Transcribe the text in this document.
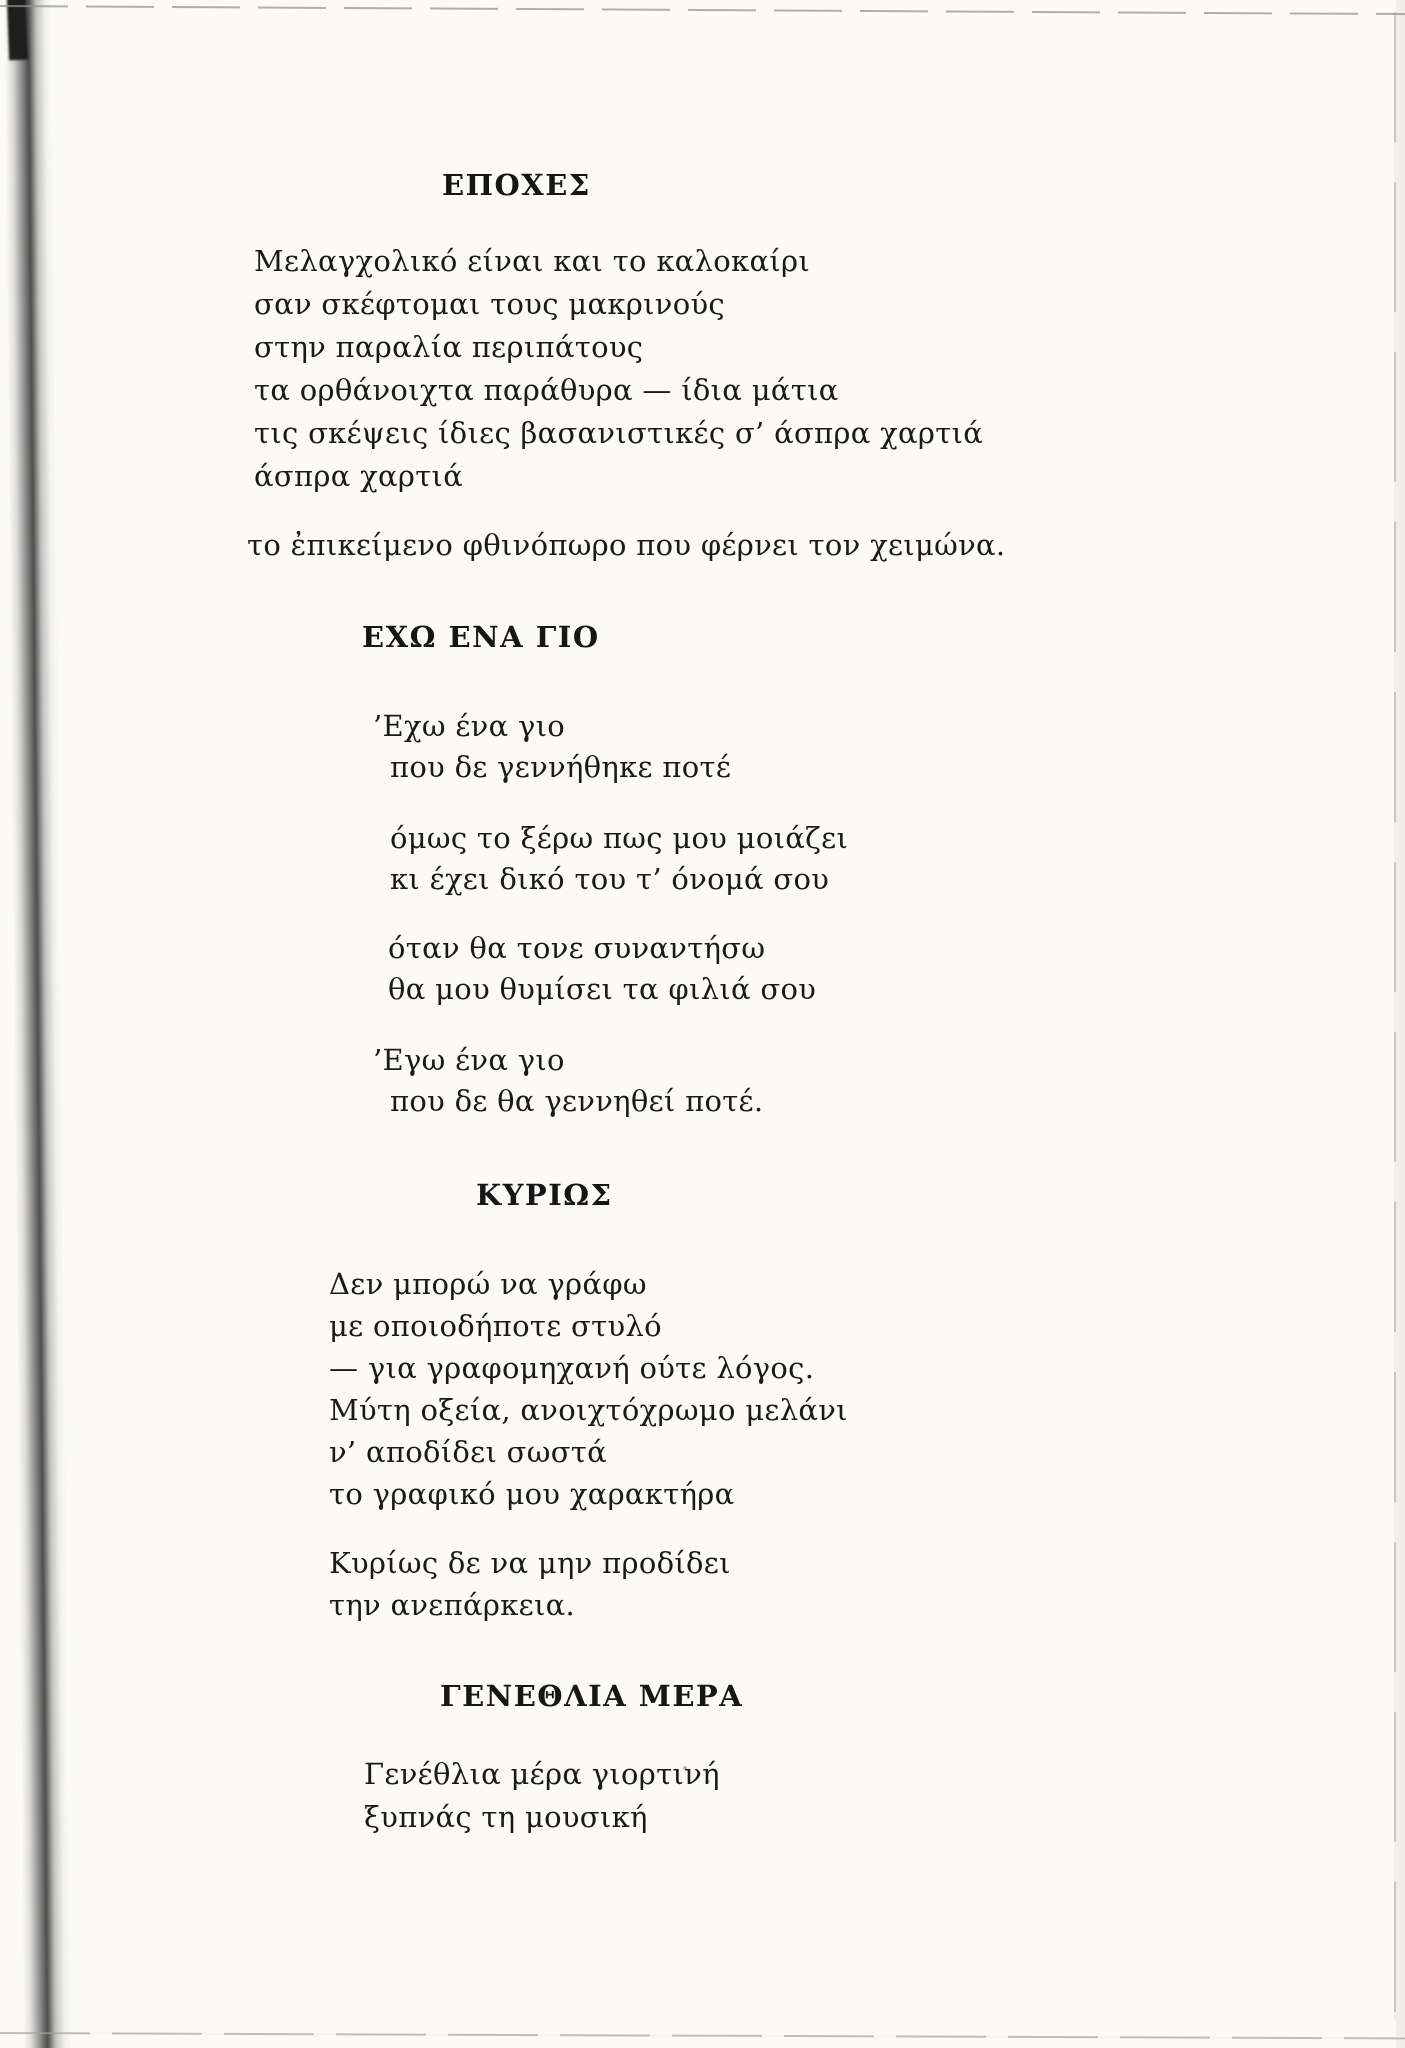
ΕΠΟΧΕΣ
Μελαγχολικό είναι και το καλοκαίρι
σαν σκέφτομαι τους μακρινούς
στην παραλία περιπάτους
τα ορθάνοιχτα παράθυρα — ίδια μάτια
τις σκέψεις ίδιες βασανιστικές σ’ άσπρα χαρτιά
άσπρα χαρτιά
το ἐπικείμενο φθινόπωρο που φέρνει τον χειμώνα.
ΕΧΩ ΕΝΑ ΓΙΟ
’Εχω ένα γιο
που δε γεννήθηκε ποτέ
όμως το ξέρω πως μου μοιάζει
κι έχει δικό του τ’ όνομά σου
όταν θα τονε συναντήσω
θα μου θυμίσει τα φιλιά σου
’Εγω ένα γιο
που δε θα γεννηθεί ποτέ.
ΚΥΡΙΩΣ
Δεν μπορώ να γράφω
με οποιοδήποτε στυλό
— για γραφομηχανή ούτε λόγος.
Μύτη οξεία, ανοιχτόχρωμο μελάνι
ν’ αποδίδει σωστά
το γραφικό μου χαρακτήρα
Κυρίως δε να μην προδίδει
την ανεπάρκεια.
ΓΕΝΕΘΛΙΑ ΜΕΡΑ
Γενέθλια μέρα γιορτινή
ξυπνάς τη μουσική
